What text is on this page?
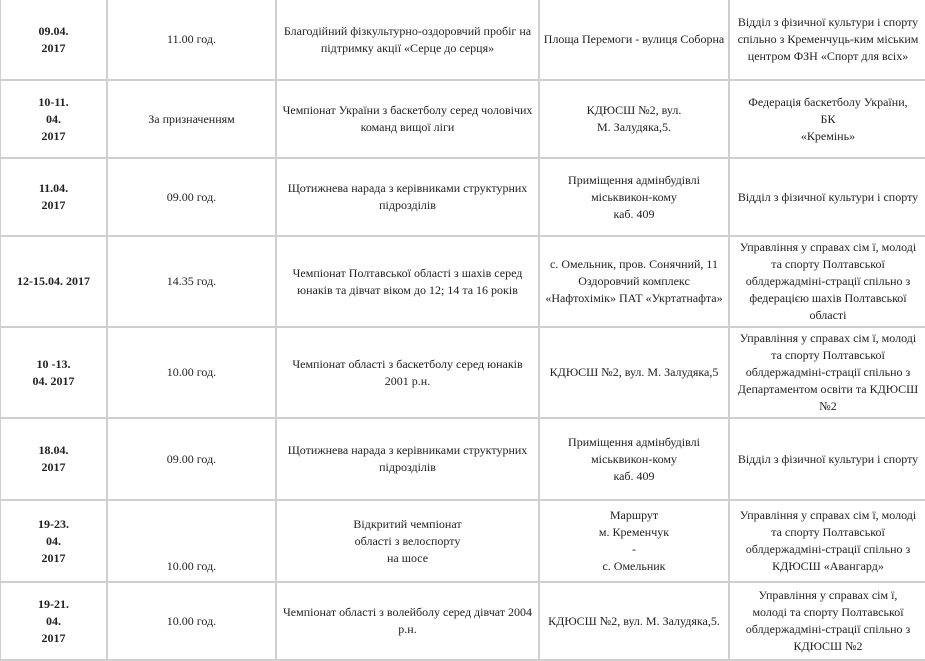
09.04.
2017	11.00 год.	Благодійний фізкультурно-оздоровчий пробіг на підтримку акції «Серце до серця»	Площа Перемоги - вулиця Соборна	Відділ з фізичної культури і спорту спільно з Кременчуць-ким міським центром ФЗН «Спорт для всіх»
10-11.
04.
2017	За призначенням	Чемпіонат України з баскетболу серед чоловічих команд вищої ліги	КДЮСШ №2, вул.
М. Залудяка,5.	Федерація баскетболу України,
БК
«Кремінь»
11.04.
2017	09.00 год.	Щотижнева нарада з керівниками структурних підрозділів	Приміщення адмінбудівлі
міськвикон-кому
каб. 409	Відділ з фізичної культури і спорту
12-15.04. 2017	14.35 год.	Чемпіонат Полтавської області з шахів серед юнаків та дівчат віком до 12; 14 та 16 років	с. Омельник, пров. Сонячний, 11
Оздоровчий комплекс
«Нафтохімік» ПАТ «Укртатнафта»	Управління у справах сім ї, молоді та спорту Полтавської облдержадміні-страції спільно з федерацією шахів Полтавської області
10 -13.
04. 2017	10.00 год.	Чемпіонат області з баскетболу серед юнаків 2001 р.н.	КДЮСШ №2, вул. М. Залудяка,5	Управління у справах сім ї, молоді та спорту Полтавської облдержадміні-страції спільно з Департаментом освіти та КДЮСШ №2
18.04.
2017	09.00 год.	Щотижнева нарада з керівниками структурних підрозділів	Приміщення адмінбудівлі
міськвикон-кому
каб. 409	Відділ з фізичної культури і спорту
19-23.
04.
2017	10.00 год.	Відкритий чемпіонат
області з велоспорту
на шосе	Маршрут
м. Кременчук
-
с. Омельник	Управління у справах сім ї, молоді та спорту Полтавської облдержадміні-страції спільно з КДЮСШ «Авангард»
19-21.
04.
2017	10.00 год.	Чемпіонат області з волейболу серед дівчат 2004 р.н.	КДЮСШ №2, вул. М. Залудяка,5.	Управління у справах сім ї,
молоді та спорту Полтавської облдержадміні-страції спільно з КДЮСШ №2
